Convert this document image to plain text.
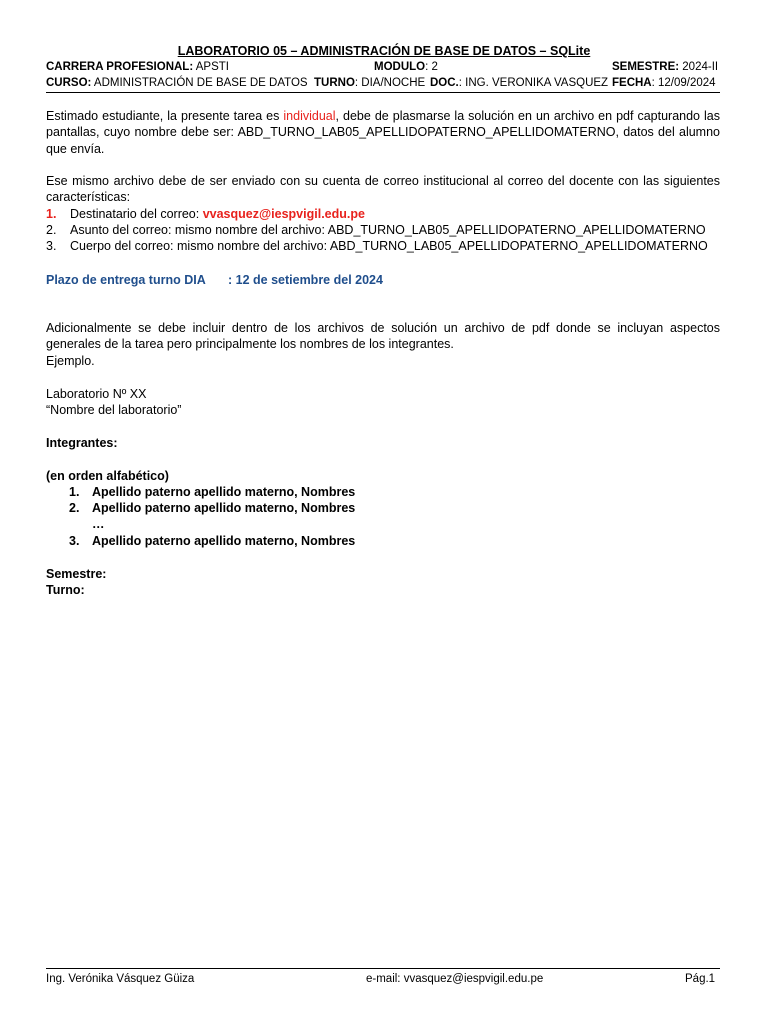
LABORATORIO 05 – ADMINISTRACIÓN DE BASE DE DATOS – SQLite
CARRERA PROFESIONAL: APSTI	MODULO: 2	SEMESTRE: 2024-II
CURSO: ADMINISTRACIÓN DE BASE DE DATOS TURNO: DIA/NOCHE DOC.: ING. VERONIKA VASQUEZ FECHA: 12/09/2024
Estimado estudiante, la presente tarea es individual, debe de plasmarse la solución en un archivo en pdf capturando las pantallas, cuyo nombre debe ser: ABD_TURNO_LAB05_APELLIDOPATERNO_APELLIDOMATERNO, datos del alumno que envía.
Ese mismo archivo debe de ser enviado con su cuenta de correo institucional al correo del docente con las siguientes características:
1. Destinatario del correo: vvasquez@iespvigil.edu.pe
2. Asunto del correo: mismo nombre del archivo: ABD_TURNO_LAB05_APELLIDOPATERNO_APELLIDOMATERNO
3. Cuerpo del correo: mismo nombre del archivo: ABD_TURNO_LAB05_APELLIDOPATERNO_APELLIDOMATERNO
Plazo de entrega turno DIA : 12 de setiembre del 2024
Adicionalmente se debe incluir dentro de los archivos de solución un archivo de pdf donde se incluyan aspectos generales de la tarea pero principalmente los nombres de los integrantes.
Ejemplo.
Laboratorio Nº XX
“Nombre del laboratorio”
Integrantes:
(en orden alfabético)
1. Apellido paterno apellido materno, Nombres
2. Apellido paterno apellido materno, Nombres
…
3. Apellido paterno apellido materno, Nombres
Semestre:
Turno:
Ing. Verónika Vásquez Güiza	e-mail: vvasquez@iespvigil.edu.pe	Pág.1
